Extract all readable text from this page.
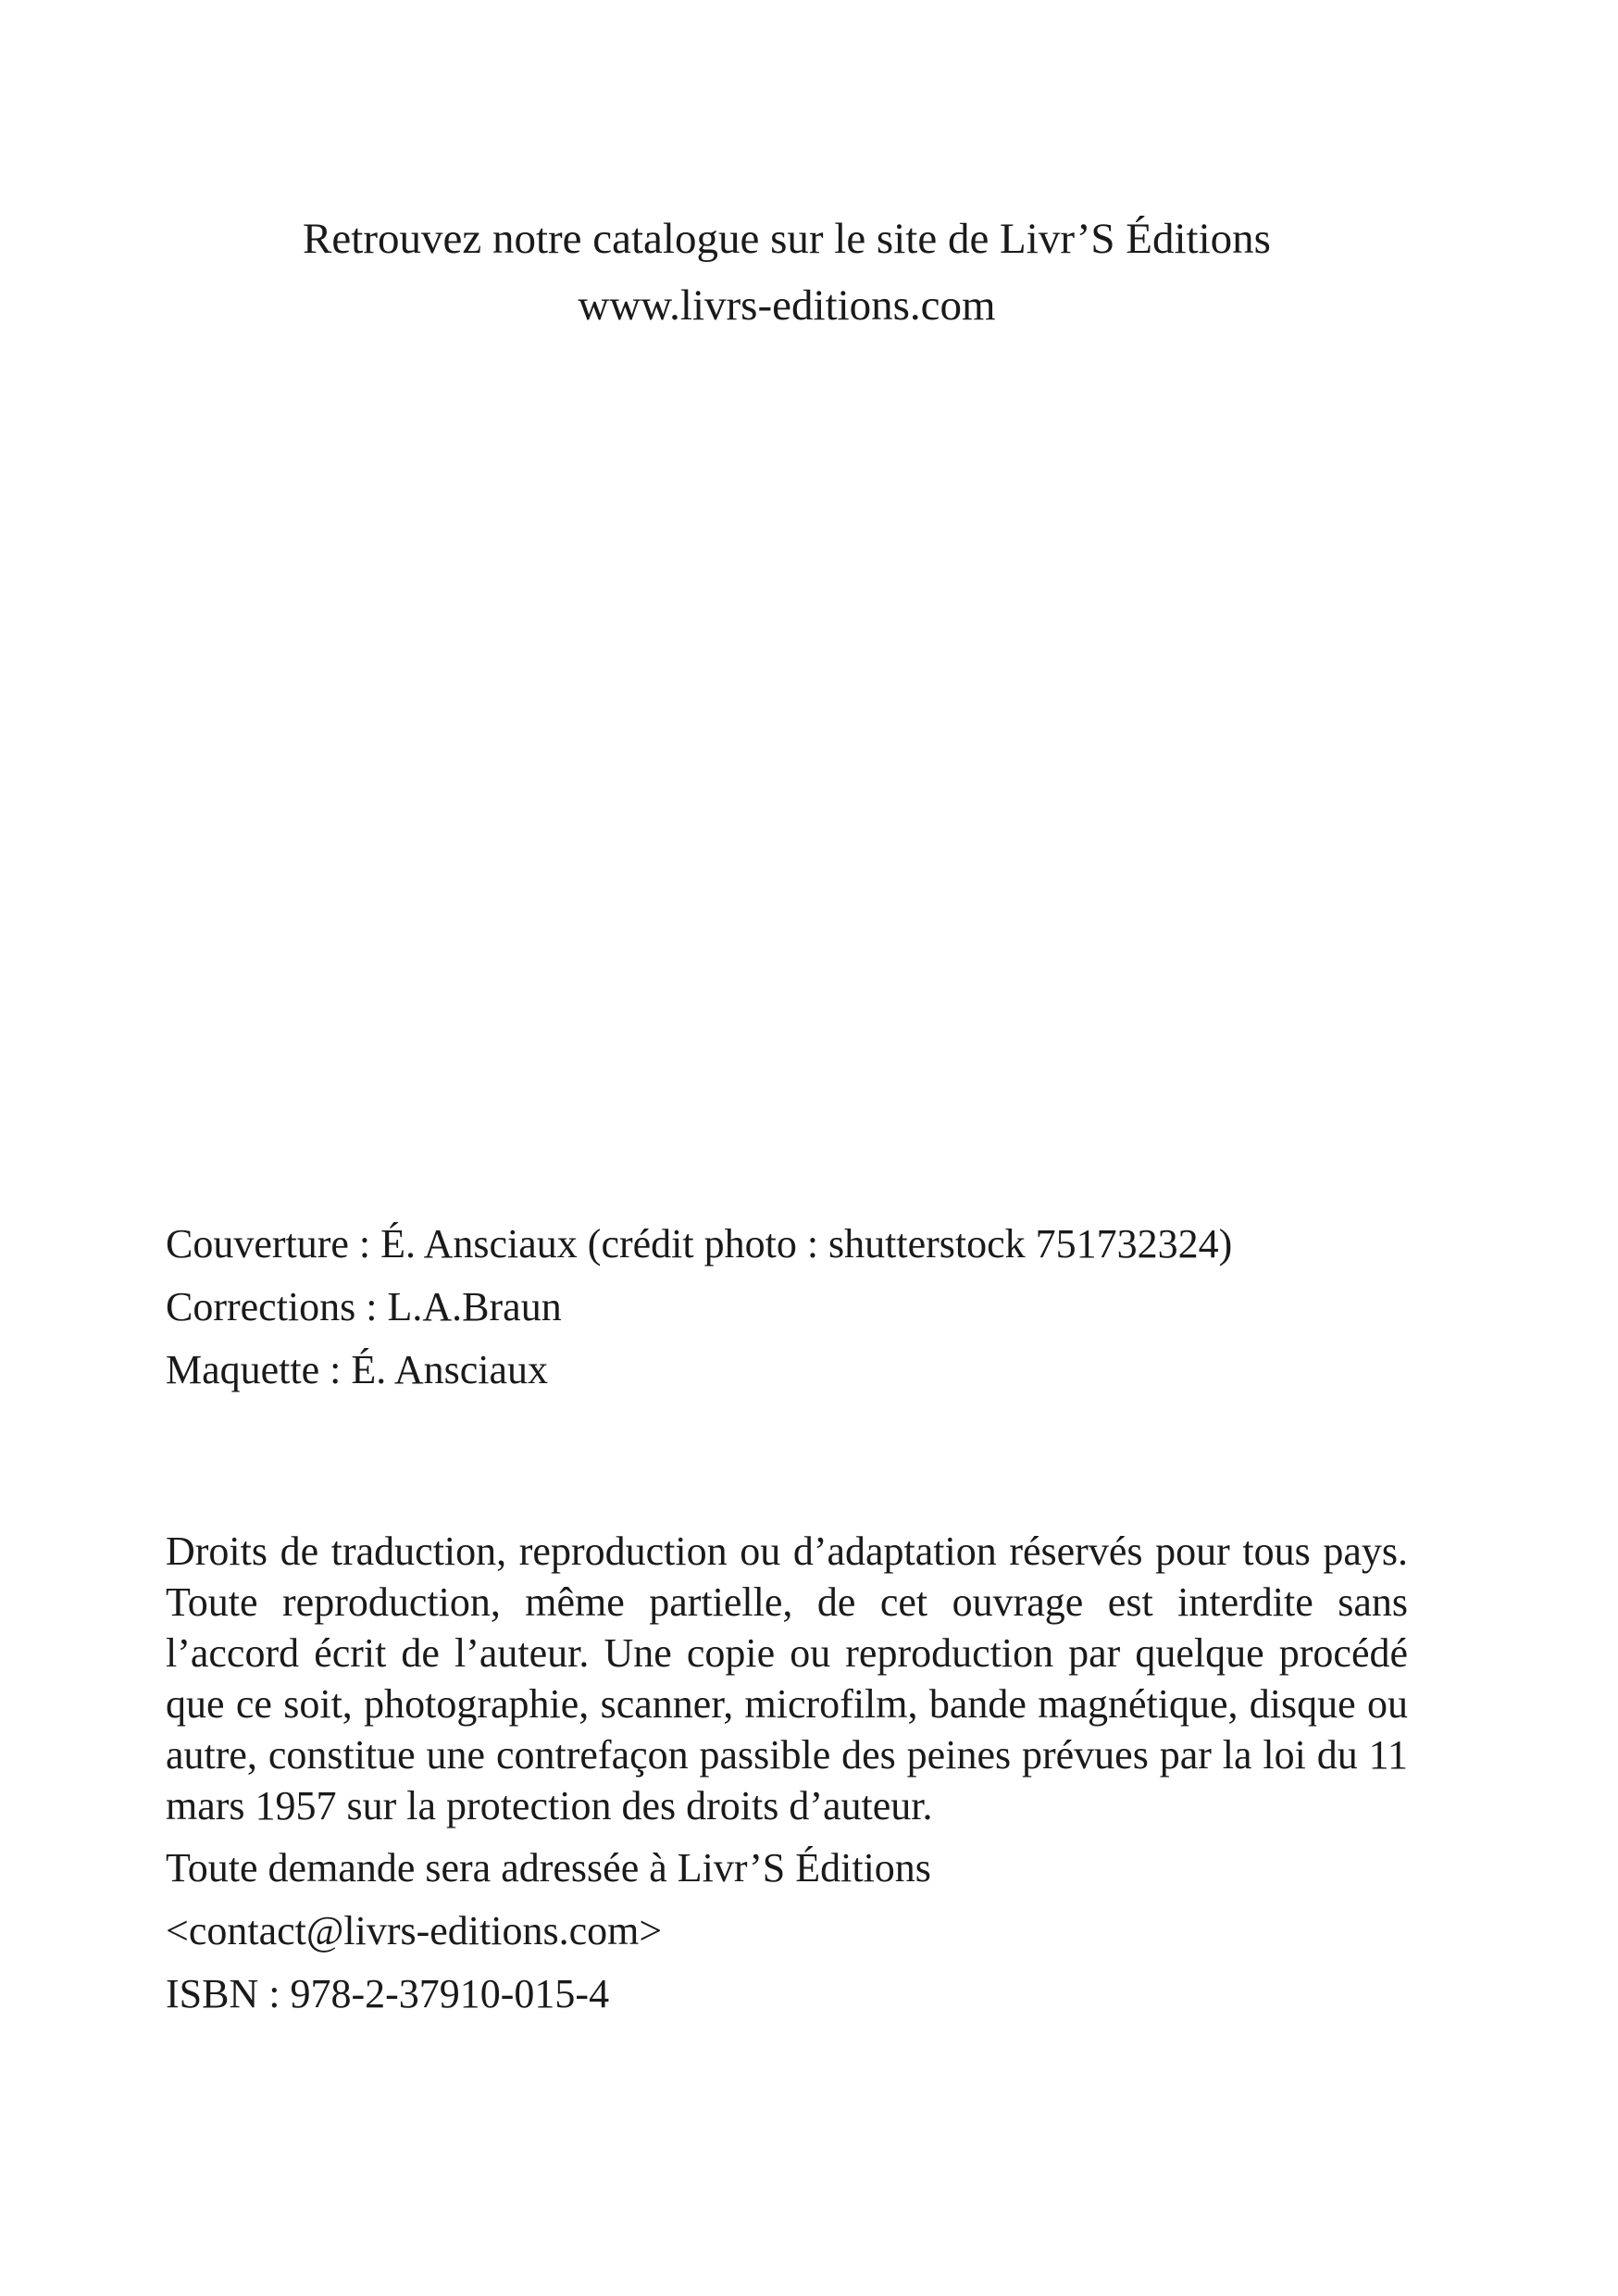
Retrouvez notre catalogue sur le site de Livr’S Éditions
www.livrs-editions.com
Couverture : É. Ansciaux (crédit photo : shutterstock 751732324)
Corrections : L.A.Braun
Maquette : É. Ansciaux

Droits de traduction, reproduction ou d’adaptation réservés pour tous pays. Toute reproduction, même partielle, de cet ouvrage est interdite sans l’accord écrit de l’auteur. Une copie ou reproduction par quelque procédé que ce soit, photographie, scanner, microfilm, bande magnétique, disque ou autre, constitue une contrefaçon passible des peines prévues par la loi du 11 mars 1957 sur la protection des droits d’auteur.

Toute demande sera adressée à Livr’S Éditions

<contact@livrs-editions.com>

ISBN : 978-2-37910-015-4
